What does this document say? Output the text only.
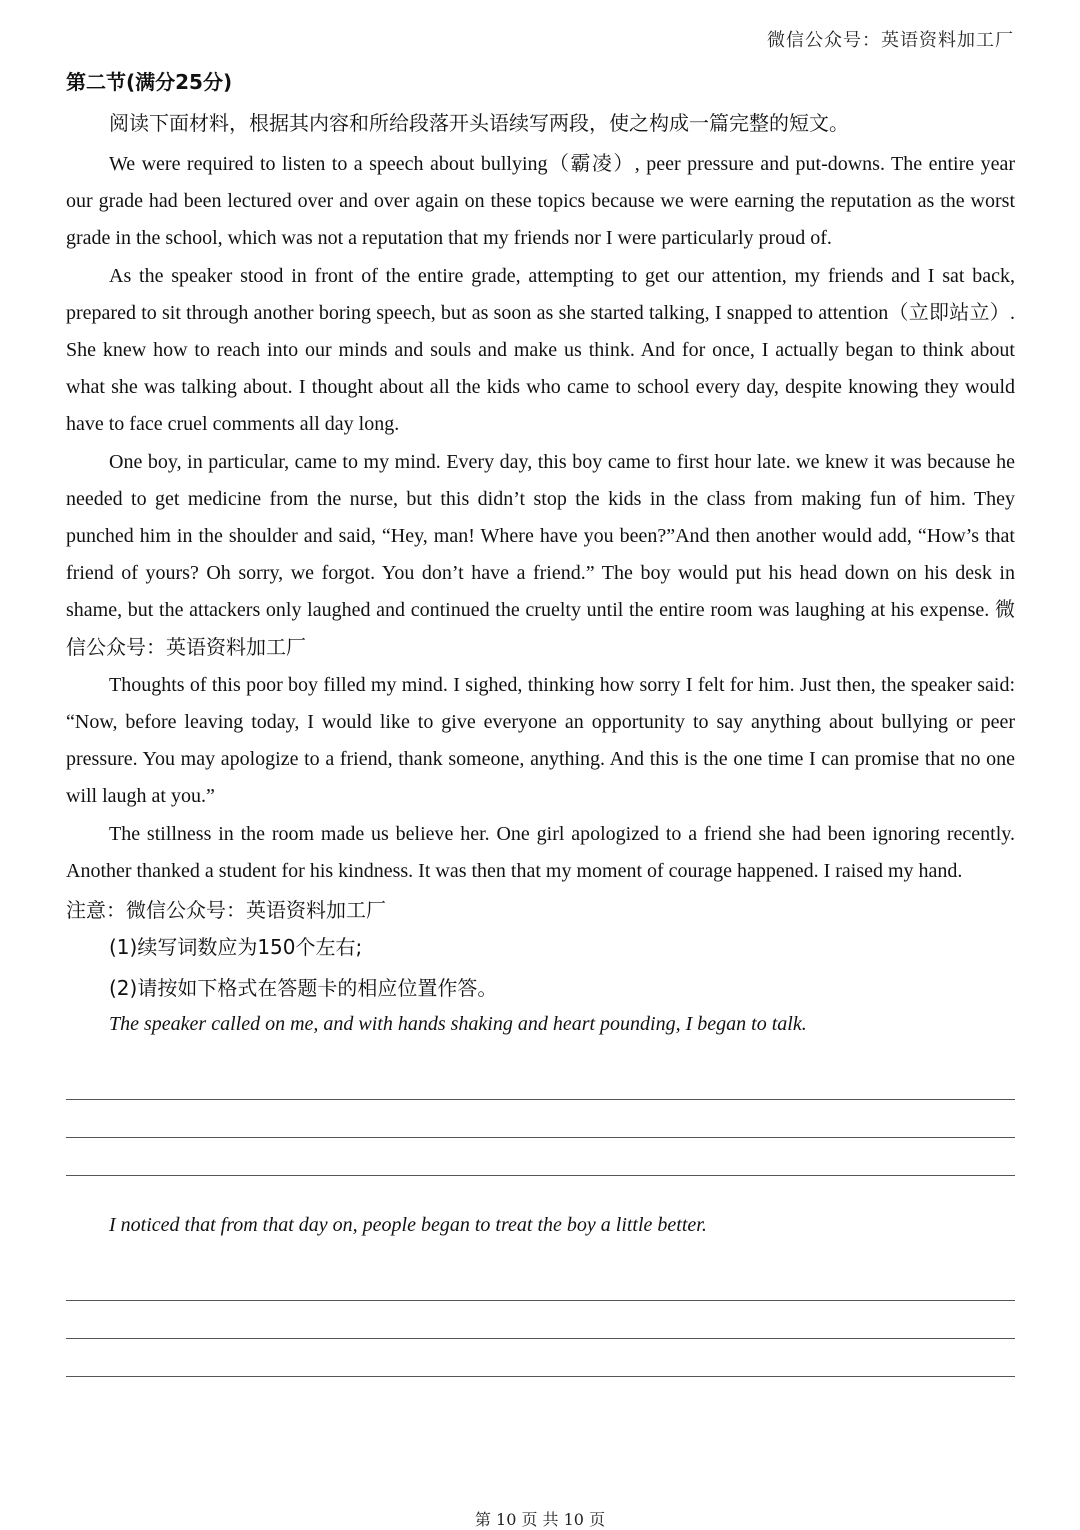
微信公众号：英语资料加工厂
第二节(满分25分)

阅读下面材料，根据其内容和所给段落开头语续写两段，使之构成一篇完整的短文。

We were required to listen to a speech about bullying（霸凌）, peer pressure and put-downs. The entire year our grade had been lectured over and over again on these topics because we were earning the reputation as the worst grade in the school, which was not a reputation that my friends nor I were particularly proud of.

As the speaker stood in front of the entire grade, attempting to get our attention, my friends and I sat back, prepared to sit through another boring speech, but as soon as she started talking, I snapped to attention（立即站立）. She knew how to reach into our minds and souls and make us think. And for once, I actually began to think about what she was talking about. I thought about all the kids who came to school every day, despite knowing they would have to face cruel comments all day long.

One boy, in particular, came to my mind. Every day, this boy came to first hour late. we knew it was because he needed to get medicine from the nurse, but this didn’t stop the kids in the class from making fun of him. They punched him in the shoulder and said, “Hey, man! Where have you been?”And then another would add, “How’s that friend of yours? Oh sorry, we forgot. You don’t have a friend.” The boy would put his head down on his desk in shame, but the attackers only laughed and continued the cruelty until the entire room was laughing at his expense. 微信公众号：英语资料加工厂

Thoughts of this poor boy filled my mind. I sighed, thinking how sorry I felt for him. Just then, the speaker said: “Now, before leaving today, I would like to give everyone an opportunity to say anything about bullying or peer pressure. You may apologize to a friend, thank someone, anything. And this is the one time I can promise that no one will laugh at you.”

The stillness in the room made us believe her. One girl apologized to a friend she had been ignoring recently. Another thanked a student for his kindness. It was then that my moment of courage happened. I raised my hand.

注意：微信公众号：英语资料加工厂
(1)续写词数应为150个左右;
(2)请按如下格式在答题卡的相应位置作答。

The speaker called on me, and with hands shaking and heart pounding, I began to talk.

I noticed that from that day on, people began to treat the boy a little better.

第 10 页 共 10 页
